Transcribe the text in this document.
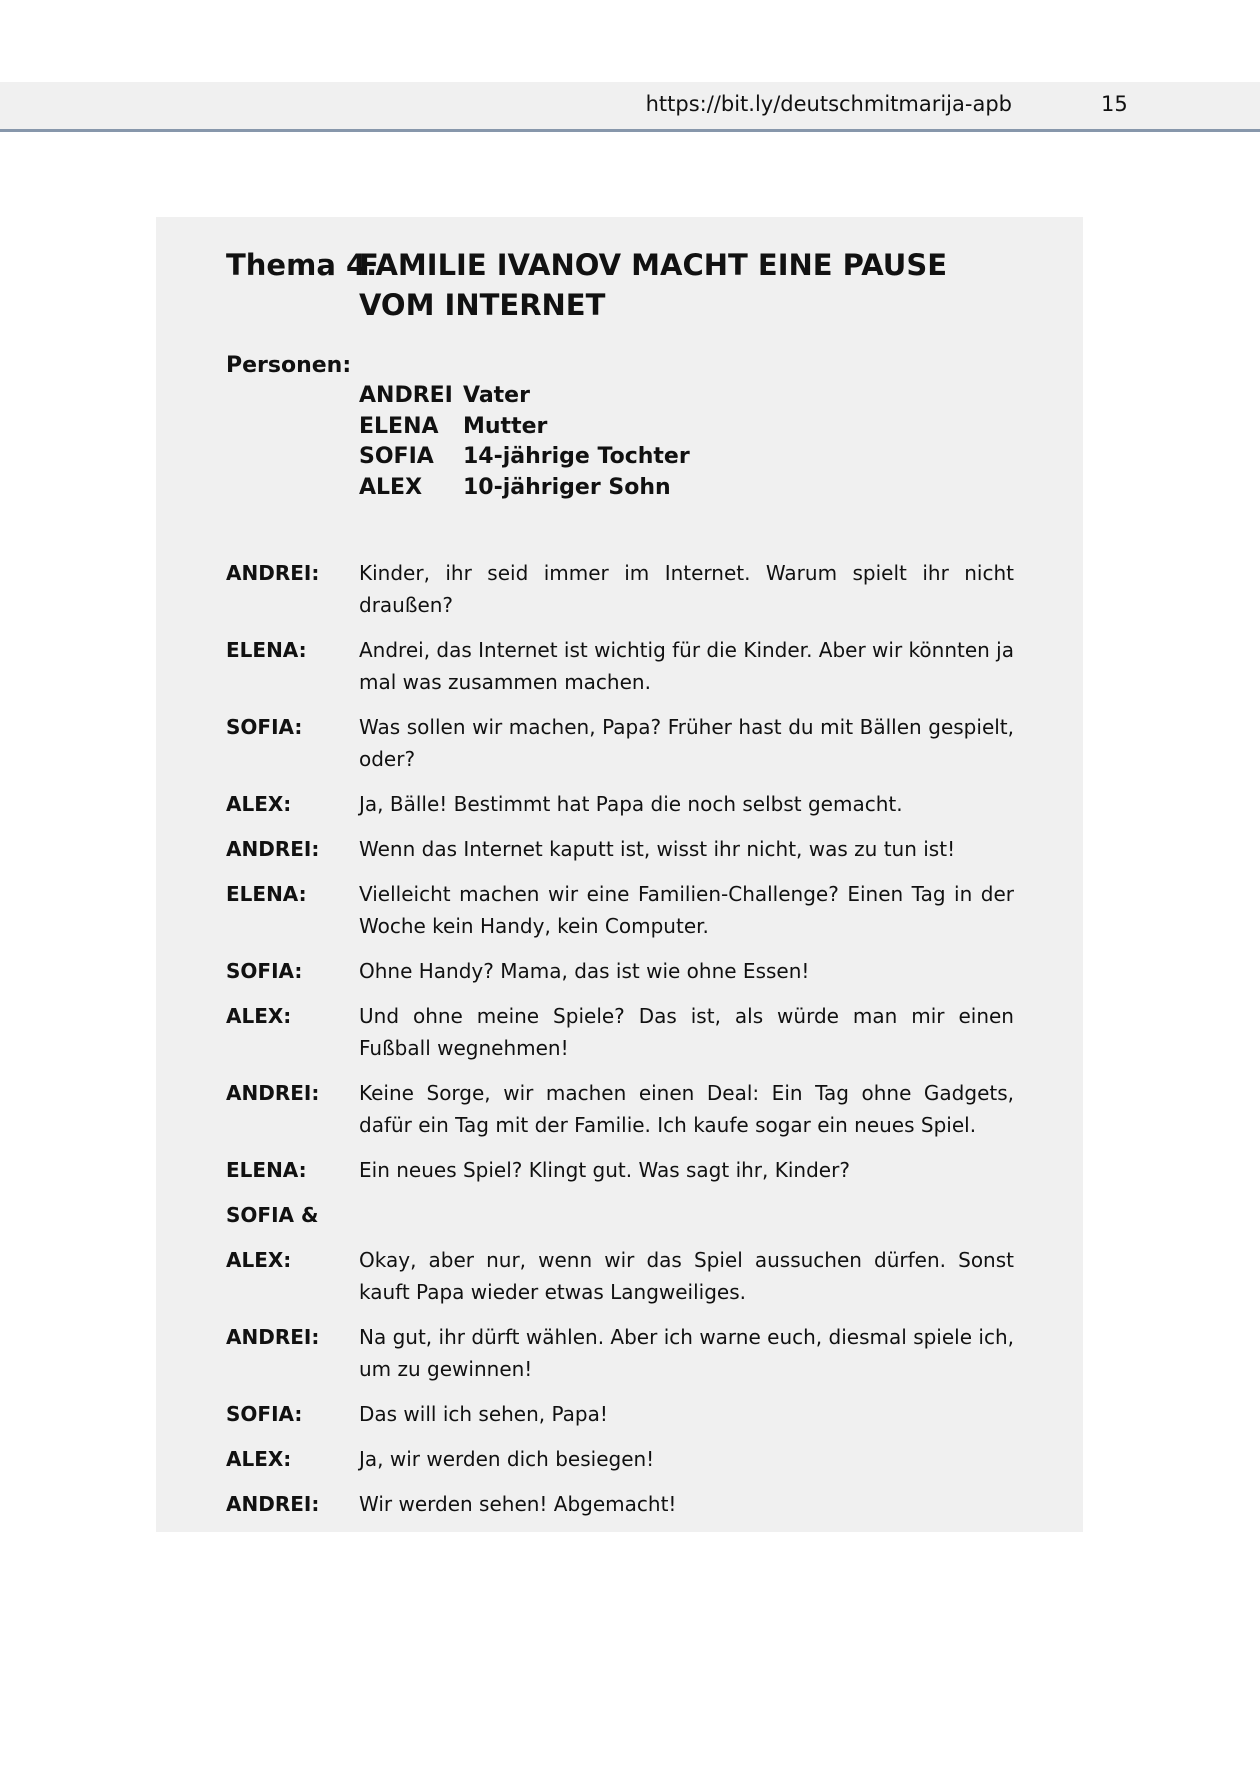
https://bit.ly/deutschmitmarija-apb	15
Thema 4.
FAMILIE IVANOV MACHT EINE PAUSE VOM INTERNET
Personen:
ANDREI Vater
ELENA Mutter
SOFIA 14-jährige Tochter
ALEX 10-jähriger Sohn
ANDREI:	Kinder, ihr seid immer im Internet. Warum spielt ihr nicht draußen?
ELENA:	Andrei, das Internet ist wichtig für die Kinder. Aber wir könnten ja mal was zusammen machen.
SOFIA:	Was sollen wir machen, Papa? Früher hast du mit Bällen gespielt, oder?
ALEX:	Ja, Bälle! Bestimmt hat Papa die noch selbst gemacht.
ANDREI:	Wenn das Internet kaputt ist, wisst ihr nicht, was zu tun ist!
ELENA:	Vielleicht machen wir eine Familien-Challenge? Einen Tag in der Woche kein Handy, kein Computer.
SOFIA:	Ohne Handy? Mama, das ist wie ohne Essen!
ALEX:	Und ohne meine Spiele? Das ist, als würde man mir einen Fußball wegnehmen!
ANDREI:	Keine Sorge, wir machen einen Deal: Ein Tag ohne Gadgets, dafür ein Tag mit der Familie. Ich kaufe sogar ein neues Spiel.
ELENA:	Ein neues Spiel? Klingt gut. Was sagt ihr, Kinder?
SOFIA &
ALEX:	Okay, aber nur, wenn wir das Spiel aussuchen dürfen. Sonst kauft Papa wieder etwas Langweiliges.
ANDREI:	Na gut, ihr dürft wählen. Aber ich warne euch, diesmal spiele ich, um zu gewinnen!
SOFIA:	Das will ich sehen, Papa!
ALEX:	Ja, wir werden dich besiegen!
ANDREI:	Wir werden sehen! Abgemacht!
